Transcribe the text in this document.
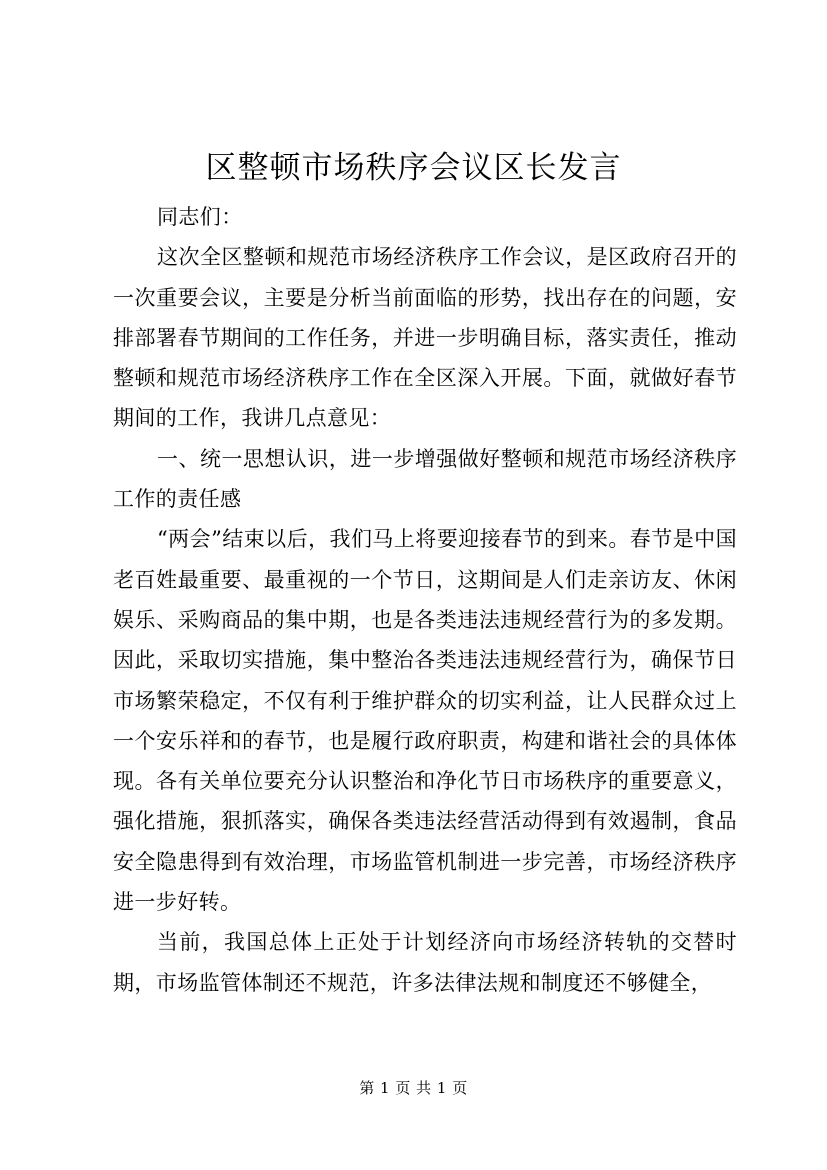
区整顿市场秩序会议区长发言

同志们：

这次全区整顿和规范市场经济秩序工作会议，是区政府召开的一次重要会议，主要是分析当前面临的形势，找出存在的问题，安排部署春节期间的工作任务，并进一步明确目标，落实责任，推动整顿和规范市场经济秩序工作在全区深入开展。下面，就做好春节期间的工作，我讲几点意见：

一、统一思想认识，进一步增强做好整顿和规范市场经济秩序工作的责任感

“两会”结束以后，我们马上将要迎接春节的到来。春节是中国老百姓最重要、最重视的一个节日，这期间是人们走亲访友、休闲娱乐、采购商品的集中期，也是各类违法违规经营行为的多发期。因此，采取切实措施，集中整治各类违法违规经营行为，确保节日市场繁荣稳定，不仅有利于维护群众的切实利益，让人民群众过上一个安乐祥和的春节，也是履行政府职责，构建和谐社会的具体体现。各有关单位要充分认识整治和净化节日市场秩序的重要意义，强化措施，狠抓落实，确保各类违法经营活动得到有效遏制，食品安全隐患得到有效治理，市场监管机制进一步完善，市场经济秩序进一步好转。

当前，我国总体上正处于计划经济向市场经济转轨的交替时期，市场监管体制还不规范，许多法律法规和制度还不够健全，

第 1 页 共 1 页
